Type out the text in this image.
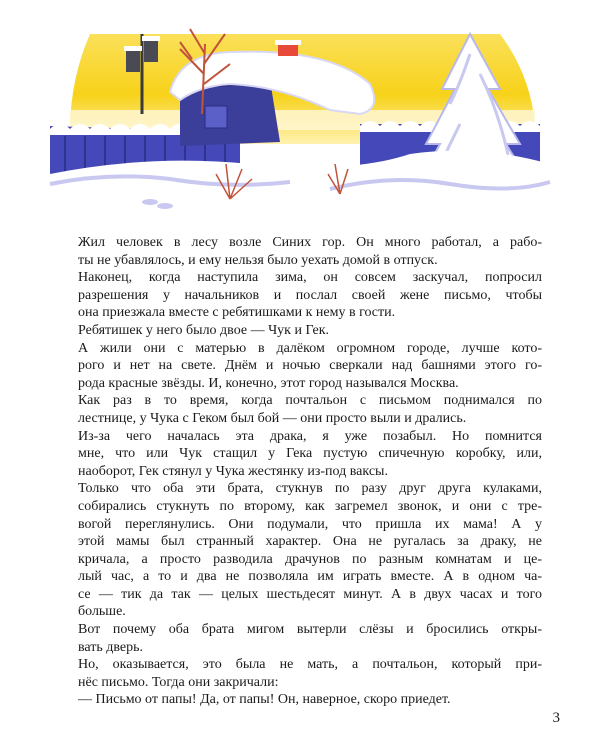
Жил человек в лесу возле Синих гор. Он много работал, а рабо-
ты не убавлялось, и ему нельзя было уехать домой в отпуск.

Наконец, когда наступила зима, он совсем заскучал, попросил
разрешения у начальников и послал своей жене письмо, чтобы
она приезжала вместе с ребятишками к нему в гости.

Ребятишек у него было двое — Чук и Гек.

А жили они с матерью в далёком огромном городе, лучше кото-
рого и нет на свете. Днём и ночью сверкали над башнями этого го-
рода красные звёзды. И, конечно, этот город назывался Москва.

Как раз в то время, когда почтальон с письмом поднимался по
лестнице, у Чука с Геком был бой — они просто выли и дрались.

Из-за чего началась эта драка, я уже позабыл. Но помнится
мне, что или Чук стащил у Гека пустую спичечную коробку, или,
наоборот, Гек стянул у Чука жестянку из-под ваксы.

Только что оба эти брата, стукнув по разу друг друга кулаками,
собирались стукнуть по второму, как загремел звонок, и они с тре-
вогой переглянулись. Они подумали, что пришла их мама! А у
этой мамы был странный характер. Она не ругалась за драку, не
кричала, а просто разводила драчунов по разным комнатам и це-
лый час, а то и два не позволяла им играть вместе. А в одном ча-
се — тик да так — целых шестьдесят минут. А в двух часах и того
больше.

Вот почему оба брата мигом вытерли слёзы и бросились откры-
вать дверь.

Но, оказывается, это была не мать, а почтальон, который при-
нёс письмо. Тогда они закричали:

— Письмо от папы! Да, от папы! Он, наверное, скоро приедет.

3
